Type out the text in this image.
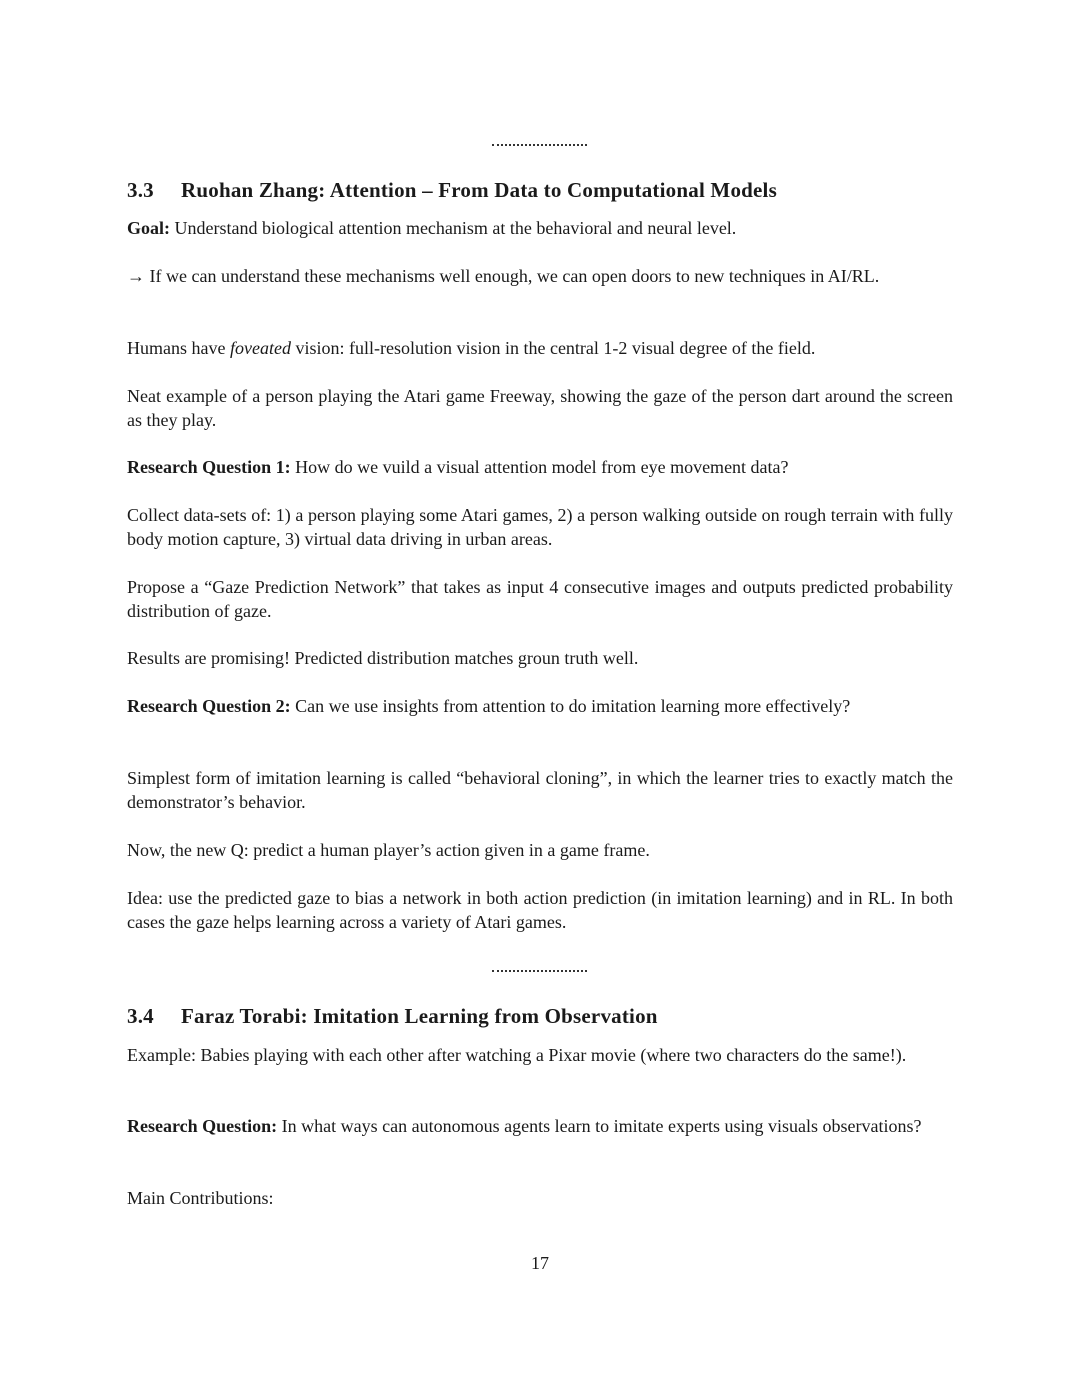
3.3 Ruohan Zhang: Attention – From Data to Computational Models

Goal: Understand biological attention mechanism at the behavioral and neural level.

→ If we can understand these mechanisms well enough, we can open doors to new techniques in AI/RL.

Humans have foveated vision: full-resolution vision in the central 1-2 visual degree of the field.

Neat example of a person playing the Atari game Freeway, showing the gaze of the person dart around the screen as they play.

Research Question 1: How do we vuild a visual attention model from eye movement data?

Collect data-sets of: 1) a person playing some Atari games, 2) a person walking outside on rough terrain with fully body motion capture, 3) virtual data driving in urban areas.

Propose a “Gaze Prediction Network” that takes as input 4 consecutive images and outputs predicted probability distribution of gaze.

Results are promising! Predicted distribution matches groun truth well.

Research Question 2: Can we use insights from attention to do imitation learning more effectively?

Simplest form of imitation learning is called “behavioral cloning”, in which the learner tries to exactly match the demonstrator’s behavior.

Now, the new Q: predict a human player’s action given in a game frame.

Idea: use the predicted gaze to bias a network in both action prediction (in imitation learning) and in RL. In both cases the gaze helps learning across a variety of Atari games.

3.4 Faraz Torabi: Imitation Learning from Observation

Example: Babies playing with each other after watching a Pixar movie (where two characters do the same!).

Research Question: In what ways can autonomous agents learn to imitate experts using visuals observations?

Main Contributions:

17
